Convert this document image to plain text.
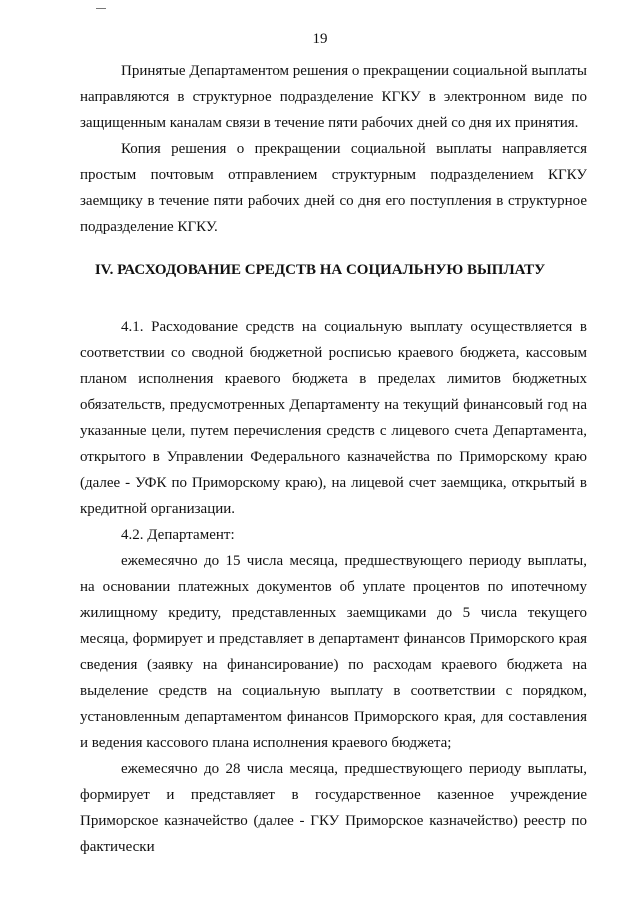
19

Принятые Департаментом решения о прекращении социальной выплаты направляются в структурное подразделение КГКУ в электронном виде по защищенным каналам связи в течение пяти рабочих дней со дня их принятия.

Копия решения о прекращении социальной выплаты направляется простым почтовым отправлением структурным подразделением КГКУ заемщику в течение пяти рабочих дней со дня его поступления в структурное подразделение КГКУ.

IV. РАСХОДОВАНИЕ СРЕДСТВ НА СОЦИАЛЬНУЮ ВЫПЛАТУ

4.1. Расходование средств на социальную выплату осуществляется в соответствии со сводной бюджетной росписью краевого бюджета, кассовым планом исполнения краевого бюджета в пределах лимитов бюджетных обязательств, предусмотренных Департаменту на текущий финансовый год на указанные цели, путем перечисления средств с лицевого счета Департамента, открытого в Управлении Федерального казначейства по Приморскому краю (далее - УФК по Приморскому краю), на лицевой счет заемщика, открытый в кредитной организации.

4.2. Департамент:

ежемесячно до 15 числа месяца, предшествующего периоду выплаты, на основании платежных документов об уплате процентов по ипотечному жилищному кредиту, представленных заемщиками до 5 числа текущего месяца, формирует и представляет в департамент финансов Приморского края сведения (заявку на финансирование) по расходам краевого бюджета на выделение средств на социальную выплату в соответствии с порядком, установленным департаментом финансов Приморского края, для составления и ведения кассового плана исполнения краевого бюджета;

ежемесячно до 28 числа месяца, предшествующего периоду выплаты, формирует и представляет в государственное казенное учреждение Приморское казначейство (далее - ГКУ Приморское казначейство) реестр по фактически
